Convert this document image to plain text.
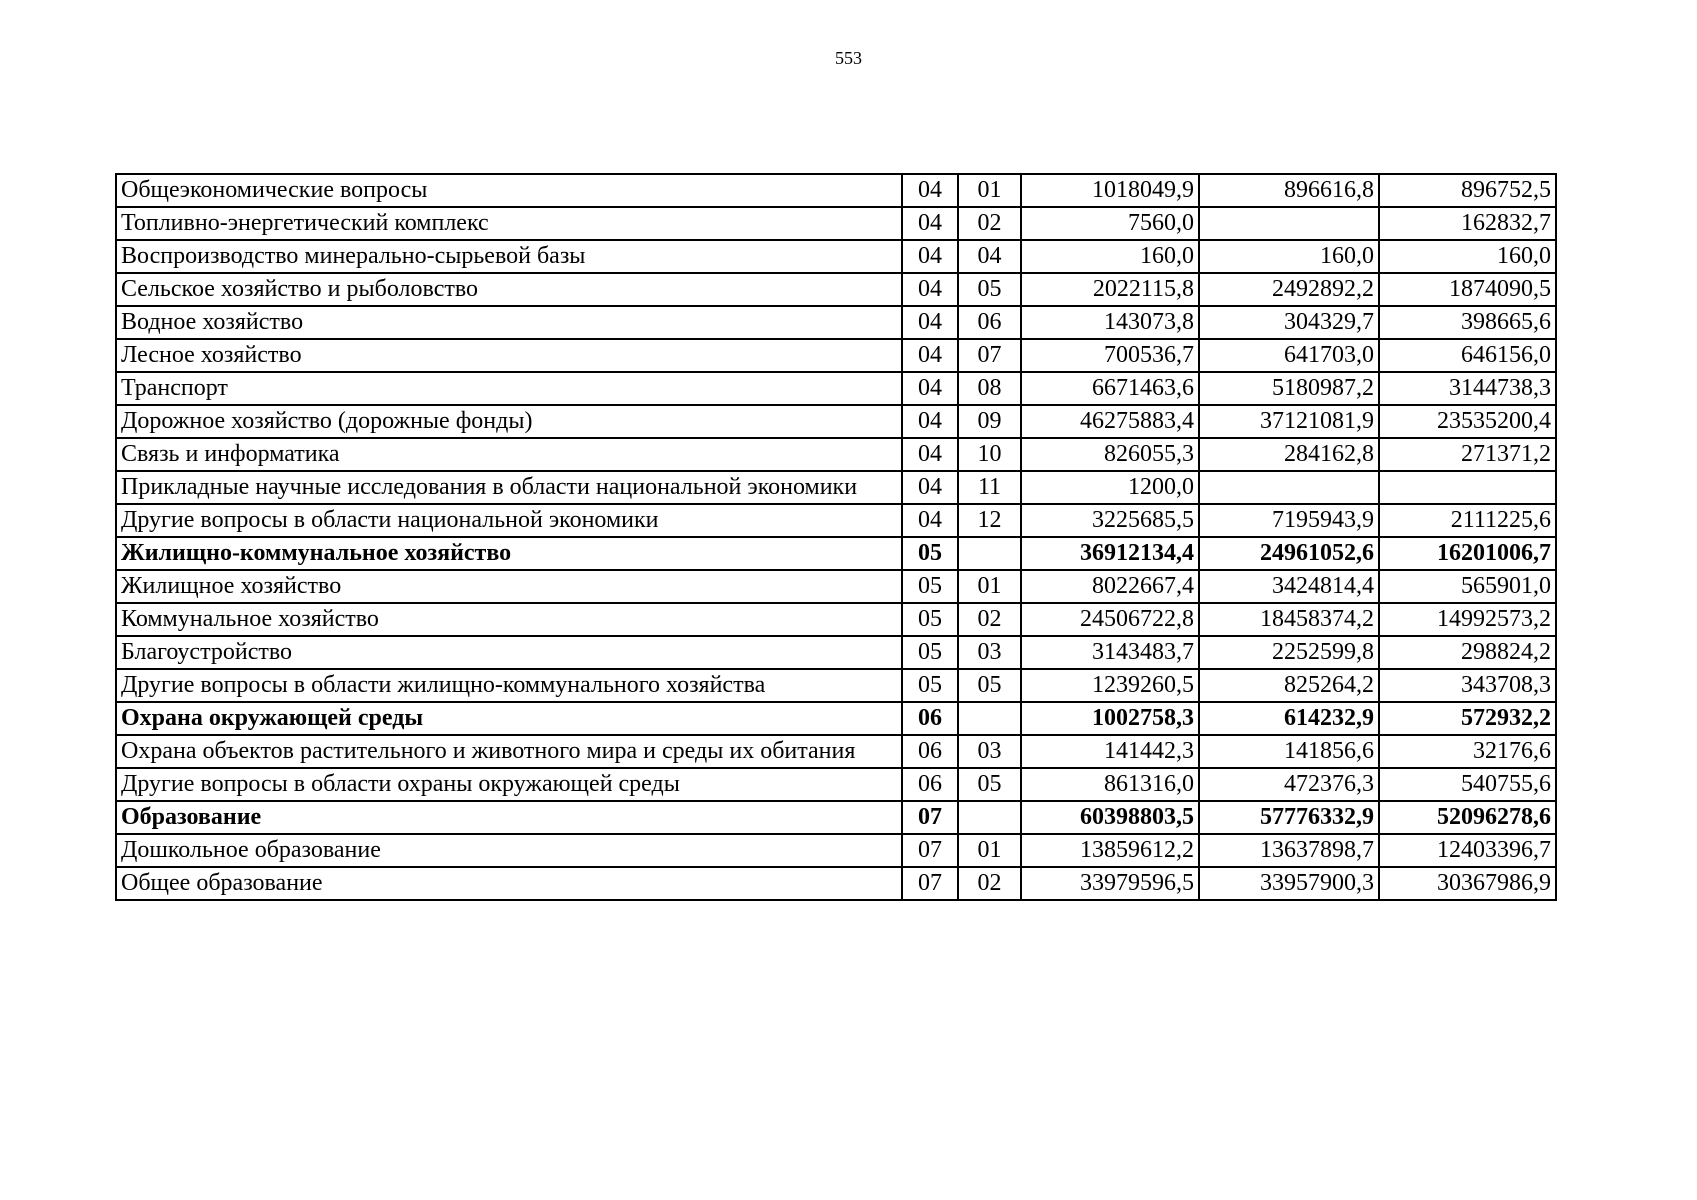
553
Общеэкономические вопросы	04	01	1018049,9	896616,8	896752,5
Топливно-энергетический комплекс	04	02	7560,0		162832,7
Воспроизводство минерально-сырьевой базы	04	04	160,0	160,0	160,0
Сельское хозяйство и рыболовство	04	05	2022115,8	2492892,2	1874090,5
Водное хозяйство	04	06	143073,8	304329,7	398665,6
Лесное хозяйство	04	07	700536,7	641703,0	646156,0
Транспорт	04	08	6671463,6	5180987,2	3144738,3
Дорожное хозяйство (дорожные фонды)	04	09	46275883,4	37121081,9	23535200,4
Связь и информатика	04	10	826055,3	284162,8	271371,2
Прикладные научные исследования в области национальной экономики	04	11	1200,0		
Другие вопросы в области национальной экономики	04	12	3225685,5	7195943,9	2111225,6
Жилищно-коммунальное хозяйство	05		36912134,4	24961052,6	16201006,7
Жилищное хозяйство	05	01	8022667,4	3424814,4	565901,0
Коммунальное хозяйство	05	02	24506722,8	18458374,2	14992573,2
Благоустройство	05	03	3143483,7	2252599,8	298824,2
Другие вопросы в области жилищно-коммунального хозяйства	05	05	1239260,5	825264,2	343708,3
Охрана окружающей среды	06		1002758,3	614232,9	572932,2
Охрана объектов растительного и животного мира и среды их обитания	06	03	141442,3	141856,6	32176,6
Другие вопросы в области охраны окружающей среды	06	05	861316,0	472376,3	540755,6
Образование	07		60398803,5	57776332,9	52096278,6
Дошкольное образование	07	01	13859612,2	13637898,7	12403396,7
Общее образование	07	02	33979596,5	33957900,3	30367986,9
